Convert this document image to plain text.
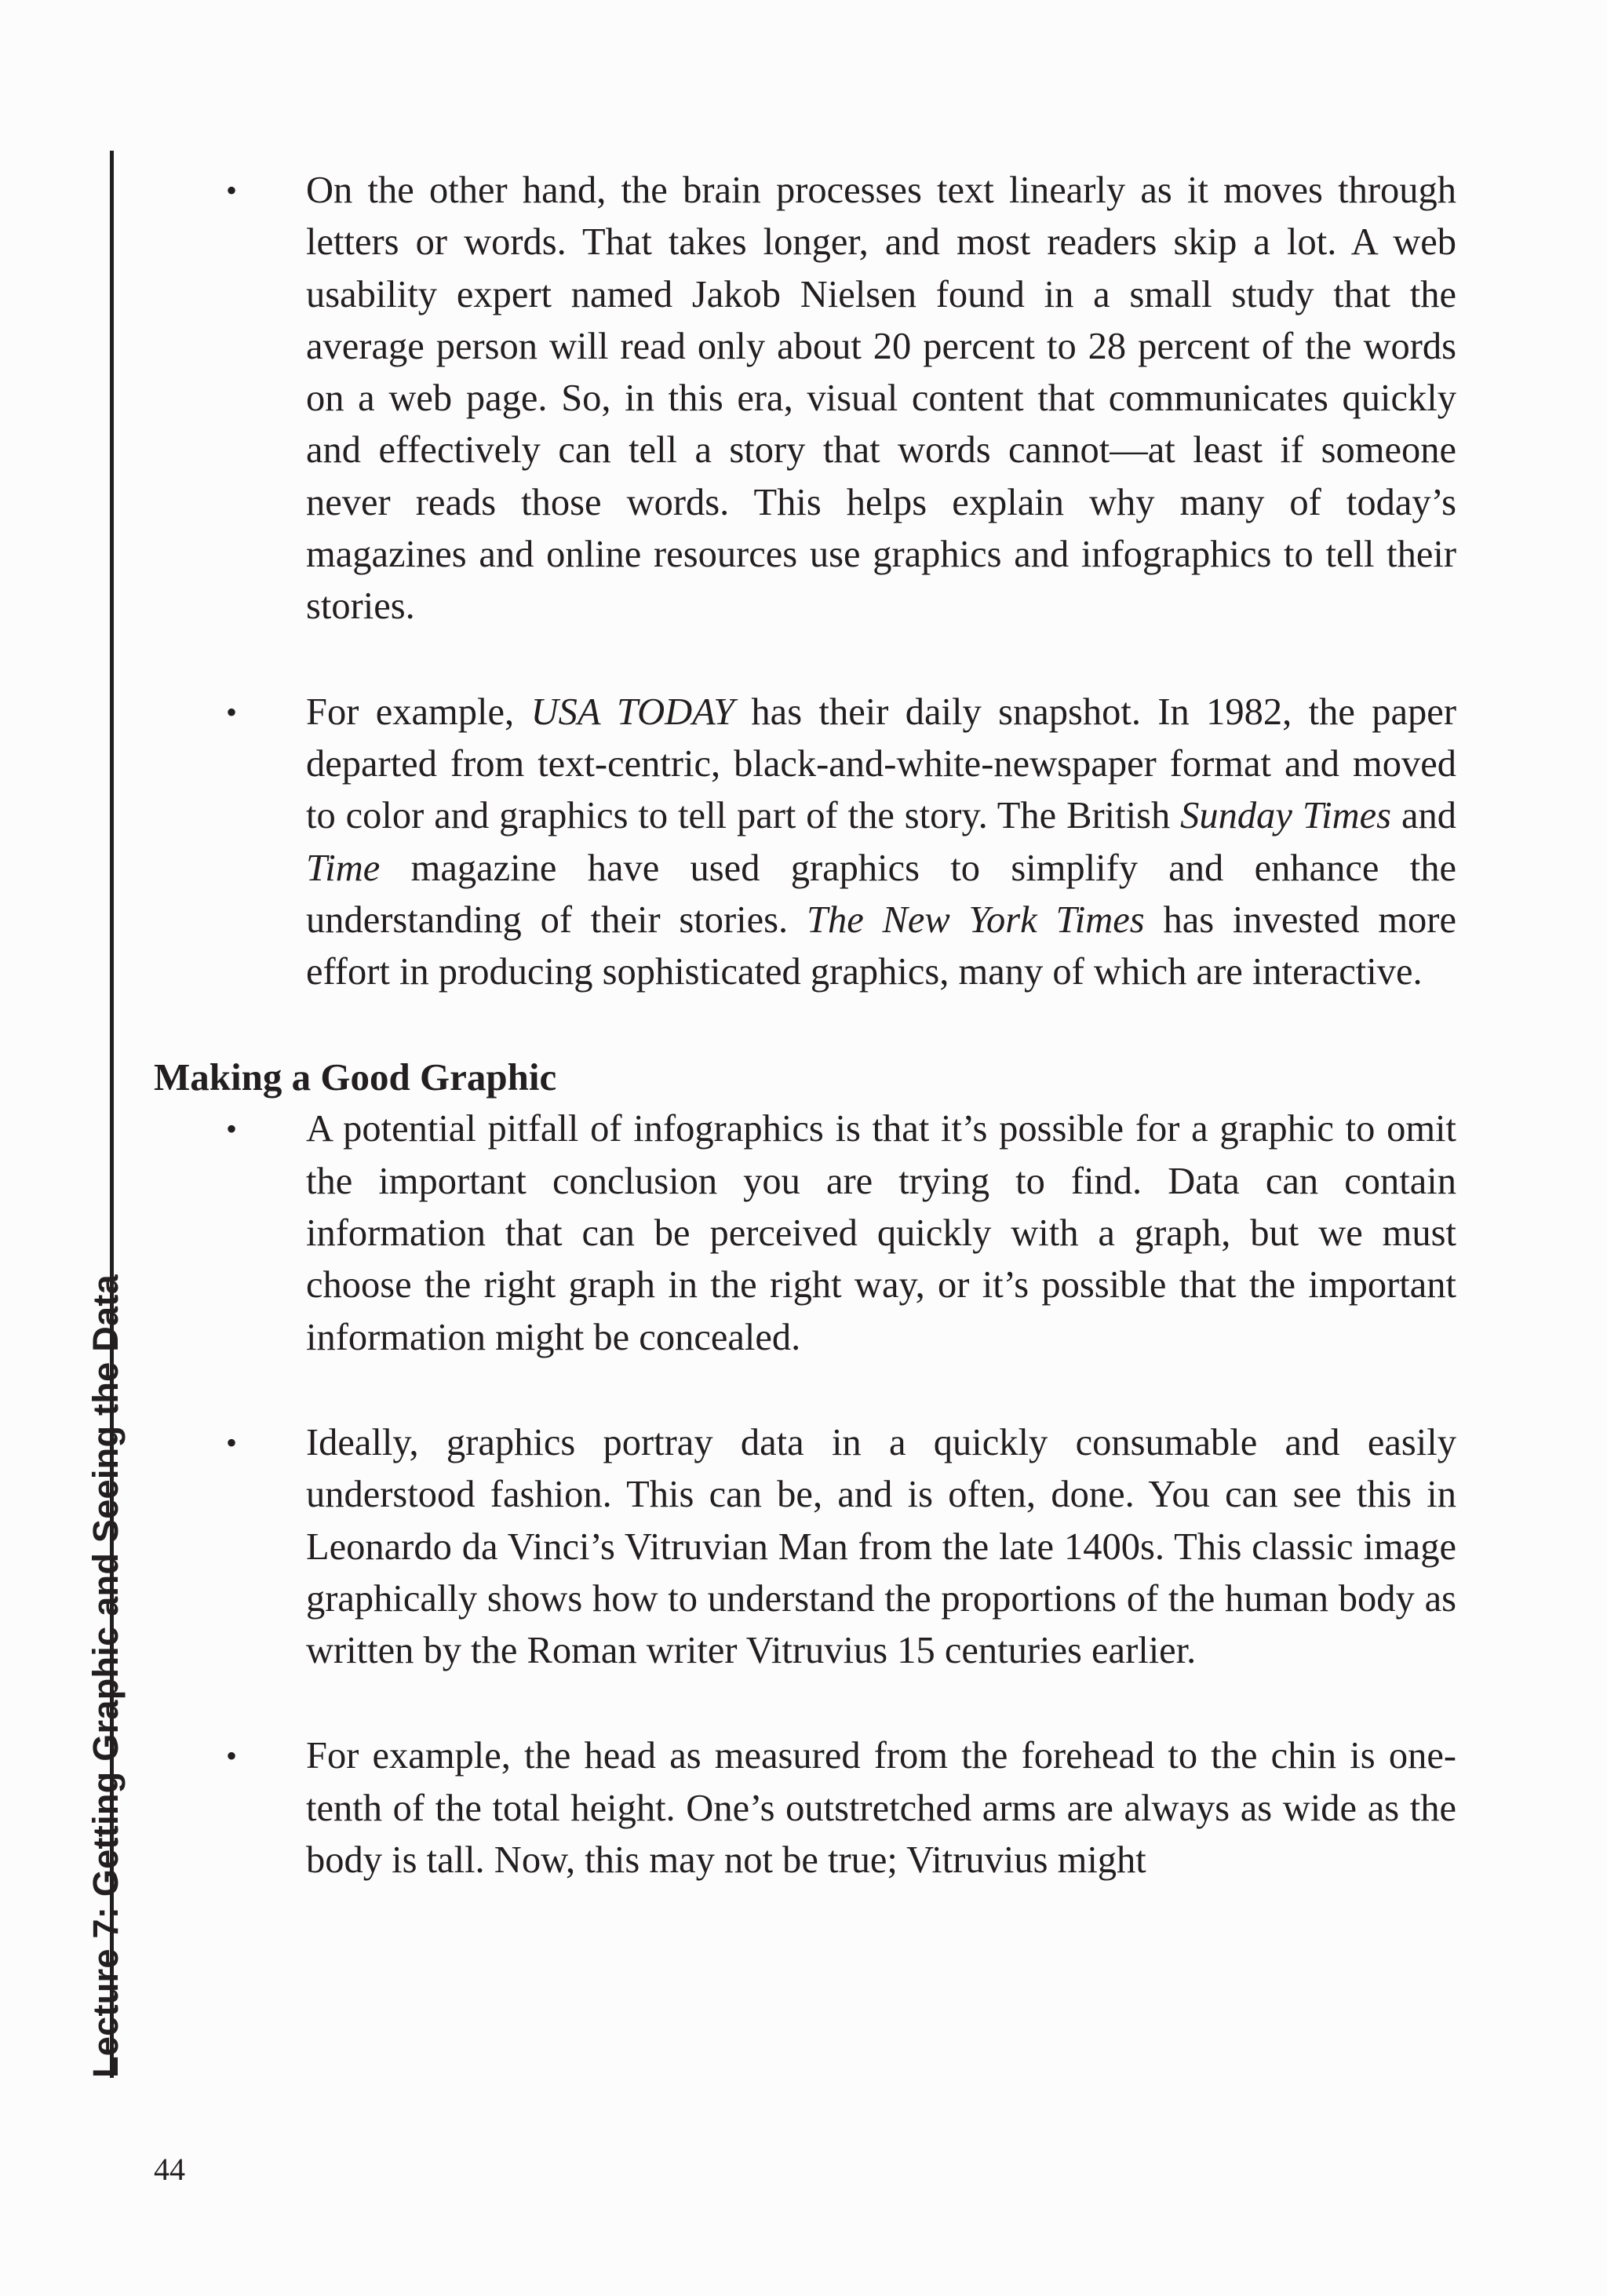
Lecture 7: Getting Graphic and Seeing the Data
• On the other hand, the brain processes text linearly as it moves through letters or words. That takes longer, and most readers skip a lot. A web usability expert named Jakob Nielsen found in a small study that the average person will read only about 20 percent to 28 percent of the words on a web page. So, in this era, visual content that communicates quickly and effectively can tell a story that words cannot—at least if someone never reads those words. This helps explain why many of today’s magazines and online resources use graphics and infographics to tell their stories.
• For example, USA TODAY has their daily snapshot. In 1982, the paper departed from text-centric, black-and-white-newspaper format and moved to color and graphics to tell part of the story. The British Sunday Times and Time magazine have used graphics to simplify and enhance the understanding of their stories. The New York Times has invested more effort in producing sophisticated graphics, many of which are interactive.
Making a Good Graphic
• A potential pitfall of infographics is that it’s possible for a graphic to omit the important conclusion you are trying to find. Data can contain information that can be perceived quickly with a graph, but we must choose the right graph in the right way, or it’s possible that the important information might be concealed.
• Ideally, graphics portray data in a quickly consumable and easily understood fashion. This can be, and is often, done. You can see this in Leonardo da Vinci’s Vitruvian Man from the late 1400s. This classic image graphically shows how to understand the proportions of the human body as written by the Roman writer Vitruvius 15 centuries earlier.
• For example, the head as measured from the forehead to the chin is one-tenth of the total height. One’s outstretched arms are always as wide as the body is tall. Now, this may not be true; Vitruvius might
44
